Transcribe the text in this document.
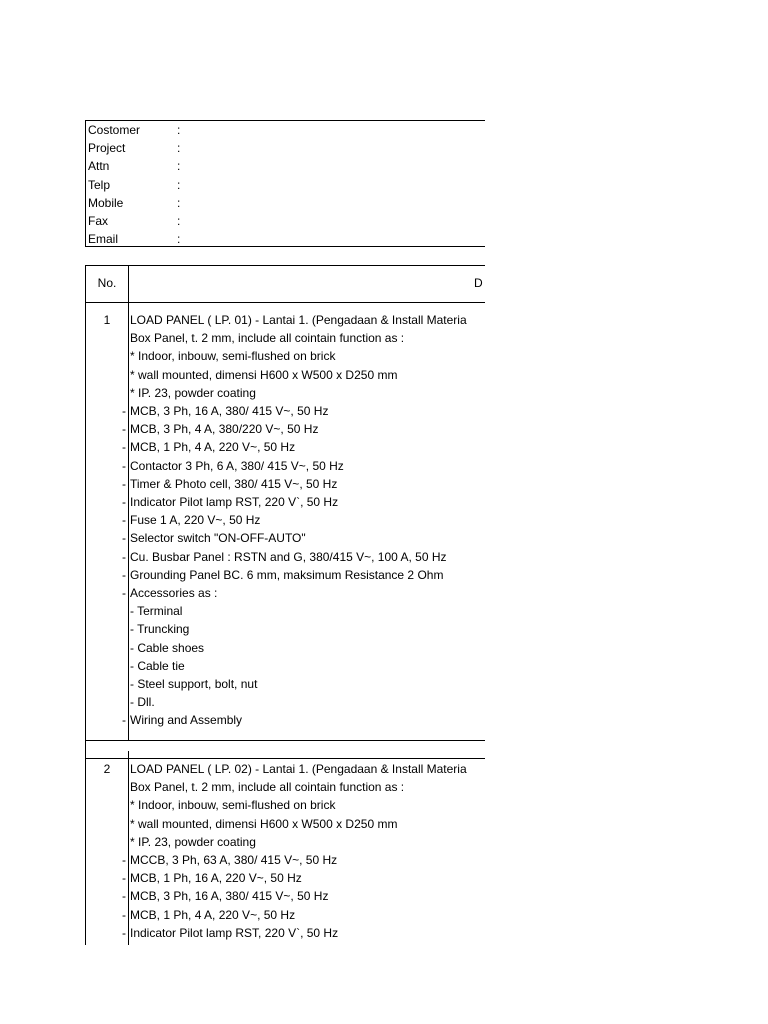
Costomer	:
Project	:
Attn	:
Telp	:
Mobile	:
Fax	:
Email	:
No.	D
1	LOAD PANEL ( LP. 01) - Lantai 1. (Pengadaan & Install Materia
Box Panel, t. 2 mm, include all cointain function as :
* Indoor, inbouw, semi-flushed on brick
* wall mounted, dimensi H600 x W500 x D250 mm
* IP. 23, powder coating
- MCB, 3 Ph, 16 A, 380/ 415 V~, 50 Hz
- MCB, 3 Ph, 4 A, 380/220 V~, 50 Hz
- MCB, 1 Ph, 4 A, 220 V~, 50 Hz
- Contactor 3 Ph, 6 A, 380/ 415 V~, 50 Hz
- Timer & Photo cell, 380/ 415 V~, 50 Hz
- Indicator Pilot lamp RST, 220 V`, 50 Hz
- Fuse 1 A, 220 V~, 50 Hz
- Selector switch "ON-OFF-AUTO"
- Cu. Busbar Panel : RSTN and G, 380/415 V~, 100 A, 50 Hz
- Grounding Panel BC. 6 mm, maksimum Resistance 2 Ohm
- Accessories as :
- Terminal
- Truncking
- Cable shoes
- Cable tie
- Steel support, bolt, nut
- Dll.
- Wiring and Assembly
2	LOAD PANEL ( LP. 02) - Lantai 1. (Pengadaan & Install Materia
Box Panel, t. 2 mm, include all cointain function as :
* Indoor, inbouw, semi-flushed on brick
* wall mounted, dimensi H600 x W500 x D250 mm
* IP. 23, powder coating
- MCCB, 3 Ph, 63 A, 380/ 415 V~, 50 Hz
- MCB, 1 Ph, 16 A, 220 V~, 50 Hz
- MCB, 3 Ph, 16 A, 380/ 415 V~, 50 Hz
- MCB, 1 Ph, 4 A, 220 V~, 50 Hz
- Indicator Pilot lamp RST, 220 V`, 50 Hz
